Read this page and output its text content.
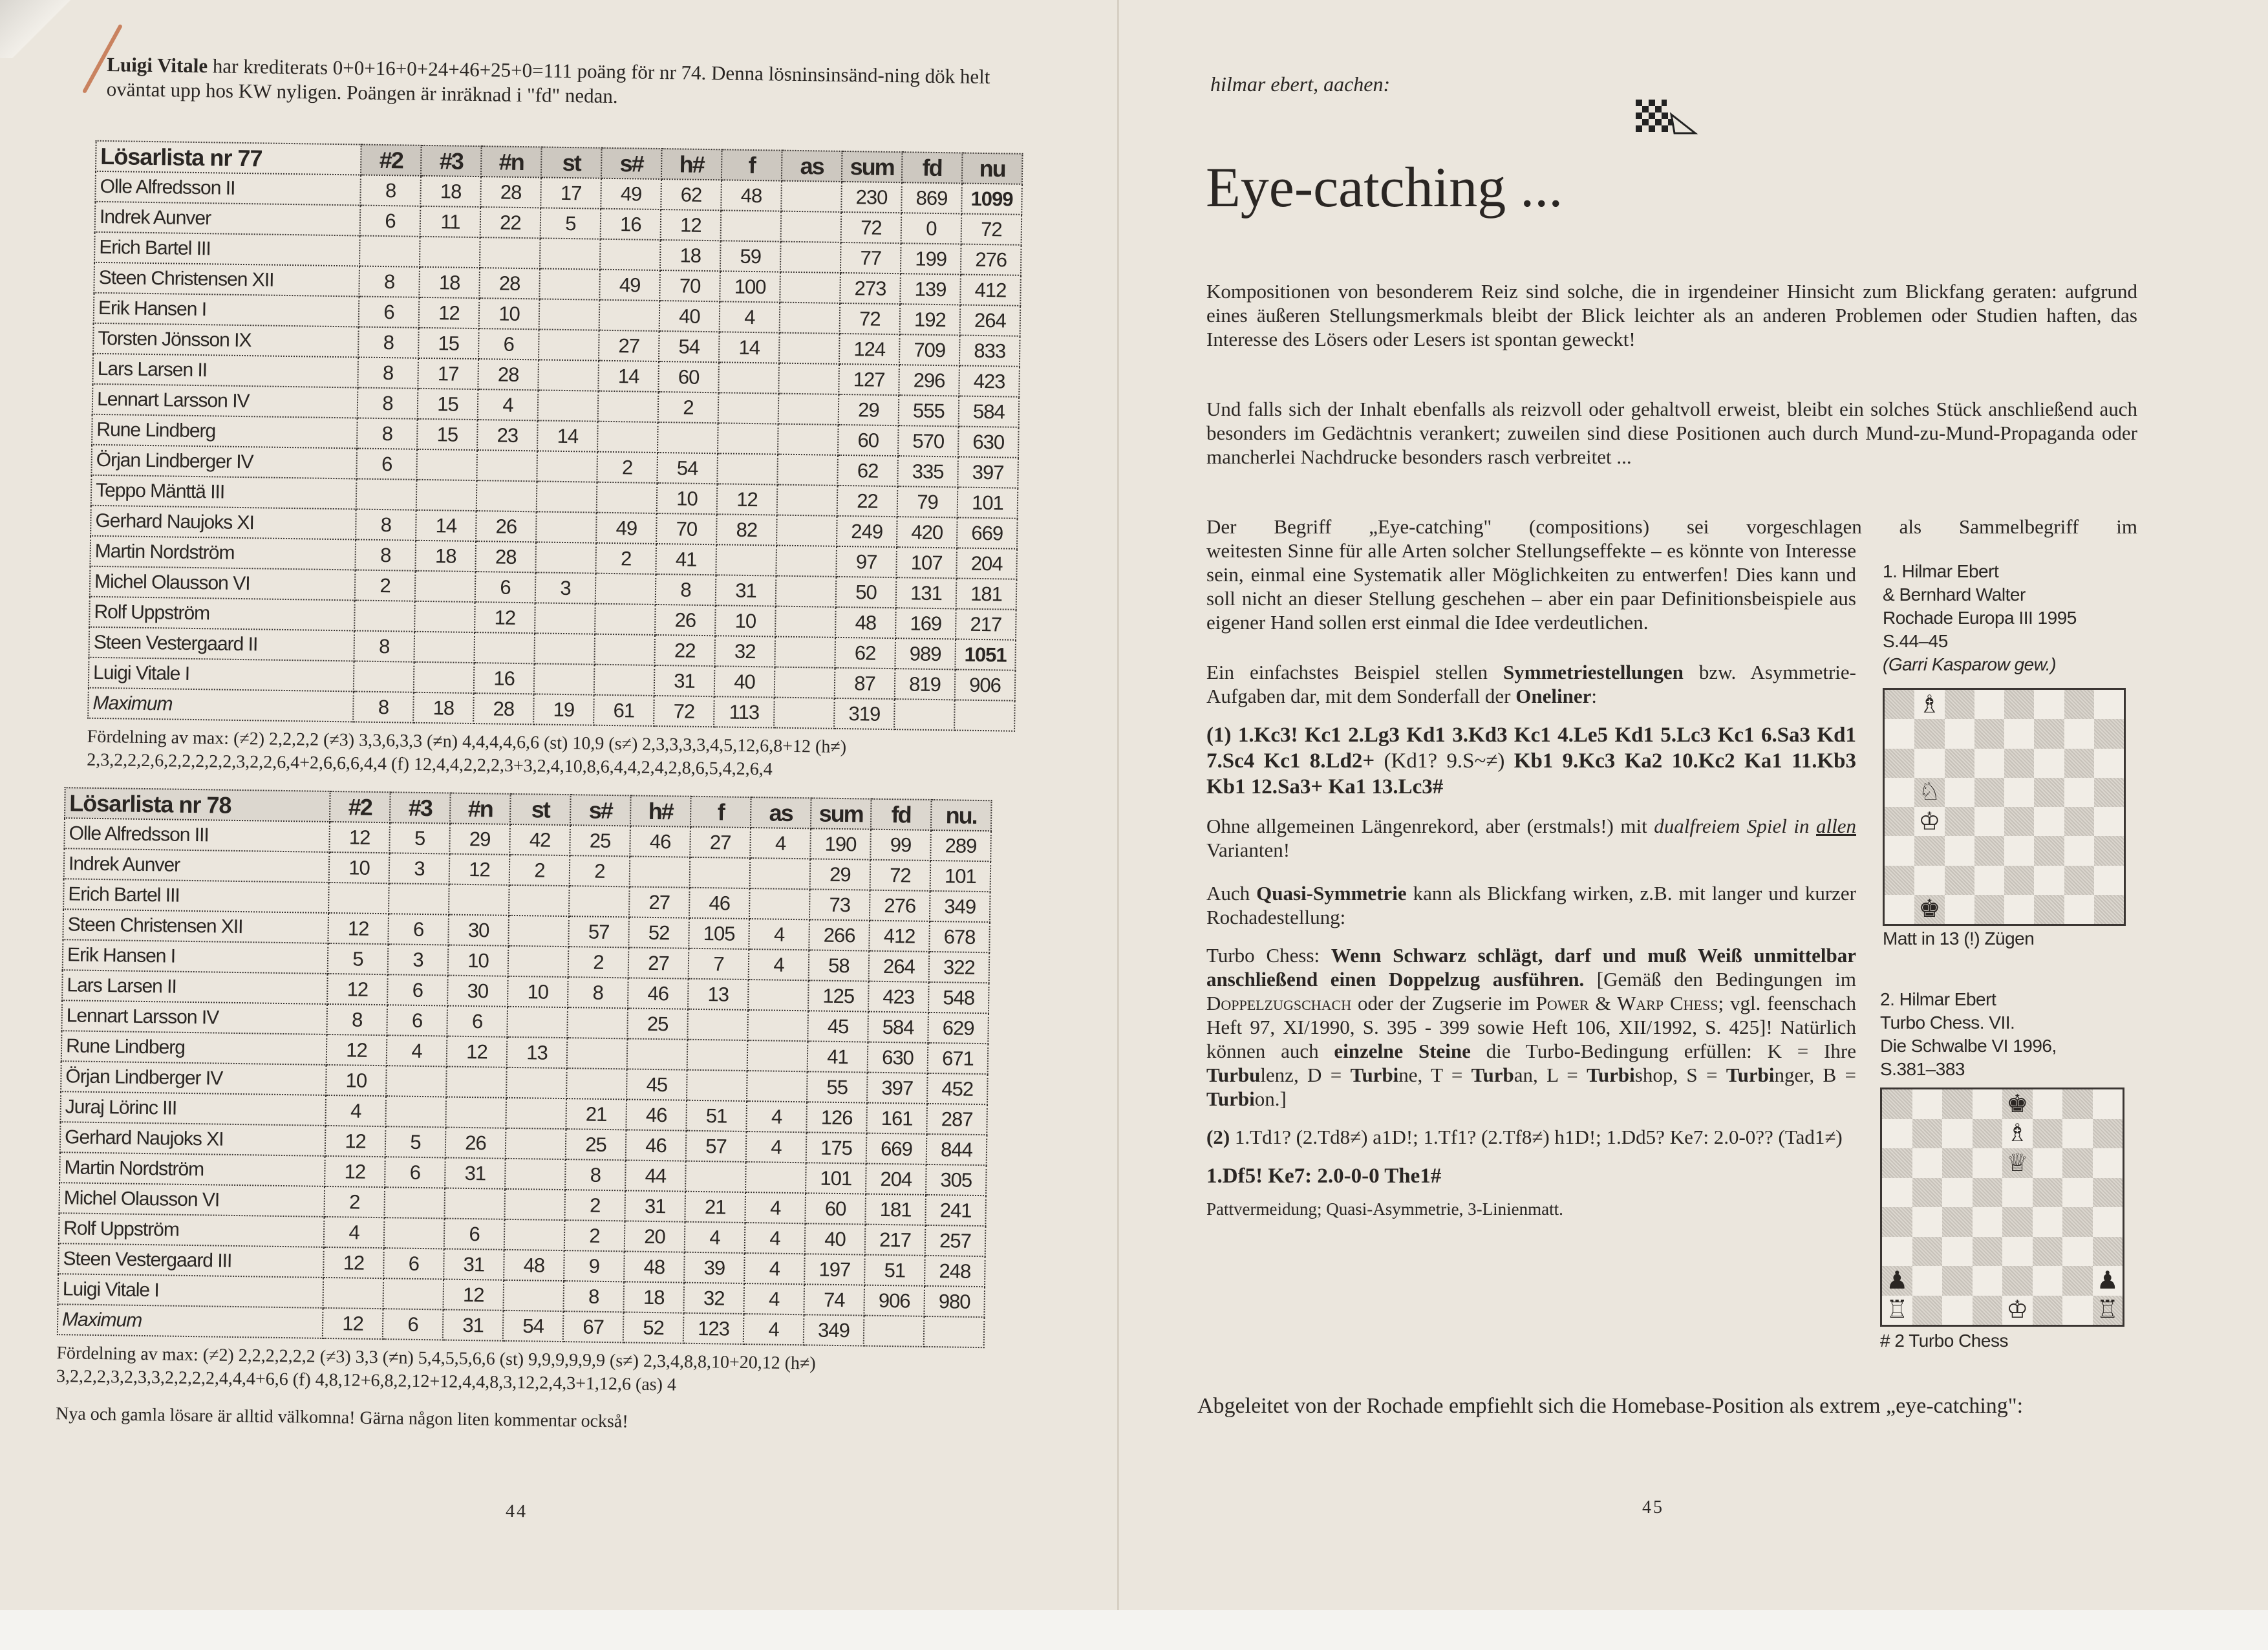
Luigi Vitale har krediterats 0+0+16+0+24+46+25+0=111 poäng för nr 74. Denna lösninsinsänd-ning dök helt oväntat upp hos KW nyligen. Poängen är inräknad i "fd" nedan.
Lösarlista nr 77	#2	#3	#n	st	s#	h#	f	as	sum	fd	nu
Olle Alfredsson II	8	18	28	17	49	62	48		230	869	1099
Indrek Aunver	6	11	22	5	16	12			72	0	72
Erich Bartel III						18	59		77	199	276
Steen Christensen XII	8	18	28		49	70	100		273	139	412
Erik Hansen I	6	12	10			40	4		72	192	264
Torsten Jönsson IX	8	15	6		27	54	14		124	709	833
Lars Larsen II	8	17	28		14	60			127	296	423
Lennart Larsson IV	8	15	4			2			29	555	584
Rune Lindberg	8	15	23	14					60	570	630
Örjan Lindberger IV	6				2	54			62	335	397
Teppo Mänttä III						10	12		22	79	101
Gerhard Naujoks XI	8	14	26		49	70	82		249	420	669
Martin Nordström	8	18	28		2	41			97	107	204
Michel Olausson VI	2		6	3		8	31		50	131	181
Rolf Uppström			12			26	10		48	169	217
Steen Vestergaard II	8					22	32		62	989	1051
Luigi Vitale I			16			31	40		87	819	906
Maximum	8	18	28	19	61	72	113		319		
Fördelning av max: (≠2) 2,2,2,2 (≠3) 3,3,6,3,3 (≠n) 4,4,4,4,6,6 (st) 10,9 (s≠) 2,3,3,3,3,4,5,12,6,8+12 (h≠) 2,3,2,2,2,6,2,2,2,2,2,3,2,2,6,4+2,6,6,6,4,4 (f) 12,4,4,2,2,2,3+3,2,4,10,8,6,4,4,2,4,2,8,6,5,4,2,6,4
Lösarlista nr 78	#2	#3	#n	st	s#	h#	f	as	sum	fd	nu.
Olle Alfredsson III	12	5	29	42	25	46	27	4	190	99	289
Indrek Aunver	10	3	12	2	2				29	72	101
Erich Bartel III						27	46		73	276	349
Steen Christensen XII	12	6	30		57	52	105	4	266	412	678
Erik Hansen I	5	3	10		2	27	7	4	58	264	322
Lars Larsen II	12	6	30	10	8	46	13		125	423	548
Lennart Larsson IV	8	6	6			25			45	584	629
Rune Lindberg	12	4	12	13					41	630	671
Örjan Lindberger IV	10					45			55	397	452
Juraj Lörinc III	4				21	46	51	4	126	161	287
Gerhard Naujoks XI	12	5	26		25	46	57	4	175	669	844
Martin Nordström	12	6	31		8	44			101	204	305
Michel Olausson VI	2				2	31	21	4	60	181	241
Rolf Uppström	4		6		2	20	4	4	40	217	257
Steen Vestergaard III	12	6	31	48	9	48	39	4	197	51	248
Luigi Vitale I			12		8	18	32	4	74	906	980
Maximum	12	6	31	54	67	52	123	4	349		
Fördelning av max: (≠2) 2,2,2,2,2,2 (≠3) 3,3 (≠n) 5,4,5,5,6,6 (st) 9,9,9,9,9,9 (s≠) 2,3,4,8,8,10+20,12 (h≠) 3,2,2,2,3,2,3,3,2,2,2,2,4,4,4+6,6 (f) 4,8,12+6,8,2,12+12,4,4,8,3,12,2,4,3+1,12,6 (as) 4
Nya och gamla lösare är alltid välkomna! Gärna någon liten kommentar också!
44
hilmar ebert, aachen:
Eye-catching ...
Kompositionen von besonderem Reiz sind solche, die in irgendeiner Hinsicht zum Blickfang geraten: aufgrund eines äußeren Stellungsmerkmals bleibt der Blick leichter als an anderen Problemen oder Studien haften, das Interesse des Lösers oder Lesers ist spontan geweckt!
Und falls sich der Inhalt ebenfalls als reizvoll oder gehaltvoll erweist, bleibt ein solches Stück anschließend auch besonders im Gedächtnis verankert; zuweilen sind diese Positionen auch durch Mund-zu-Mund-Propaganda oder mancherlei Nachdrucke besonders rasch verbreitet ...
Der Begriff „Eye-catching" (compositions) sei vorgeschlagen als Sammelbegriff im
weitesten Sinne für alle Arten solcher Stellungseffekte – es könnte von Interesse sein, einmal eine Systematik aller Möglichkeiten zu entwerfen! Dies kann und soll nicht an dieser Stellung geschehen – aber ein paar Definitionsbeispiele aus eigener Hand sollen erst einmal die Idee verdeutlichen.
Ein einfachstes Beispiel stellen Symmetriestellungen bzw. Asymmetrie-Aufgaben dar, mit dem Sonderfall der Oneliner:
(1) 1.Kc3! Kc1 2.Lg3 Kd1 3.Kd3 Kc1 4.Le5 Kd1 5.Lc3 Kc1 6.Sa3 Kd1 7.Sc4 Kc1 8.Ld2+ (Kd1? 9.S~≠) Kb1 9.Kc3 Ka2 10.Kc2 Ka1 11.Kb3 Kb1 12.Sa3+ Ka1 13.Lc3#
Ohne allgemeinen Längenrekord, aber (erstmals!) mit dualfreiem Spiel in allen Varianten!
Auch Quasi-Symmetrie kann als Blickfang wirken, z.B. mit langer und kurzer Rochadestellung:
Turbo Chess: Wenn Schwarz schlägt, darf und muß Weiß unmittelbar anschließend einen Doppelzug ausführen. [Gemäß den Bedingungen im Doppelzugschach oder der Zugserie im Power & Warp Chess; vgl. feenschach Heft 97, XI/1990, S. 395 - 399 sowie Heft 106, XII/1992, S. 425]! Natürlich können auch einzelne Steine die Turbo-Bedingung erfüllen: K = Ihre Turbulenz, D = Turbine, T = Turban, L = Turbishop, S = Turbinger, B = Turbion.]
(2) 1.Td1? (2.Td8≠) a1D!; 1.Tf1? (2.Tf8≠) h1D!; 1.Dd5? Ke7: 2.0-0?? (Tad1≠)
1.Df5! Ke7: 2.0-0-0 The1#
Pattvermeidung; Quasi-Asymmetrie, 3-Linienmatt.
Abgeleitet von der Rochade empfiehlt sich die Homebase-Position als extrem „eye-catching":
1. Hilmar Ebert
& Bernhard Walter
Rochade Europa III 1995
S.44–45
(Garri Kasparow gew.)
♗
♘
♔
♚
Matt in 13 (!) Zügen
2. Hilmar Ebert
Turbo Chess. VII.
Die Schwalbe VI 1996,
S.381–383
♚
♗
♕
♟	♟
♖	♔	♖
# 2 Turbo Chess
45
